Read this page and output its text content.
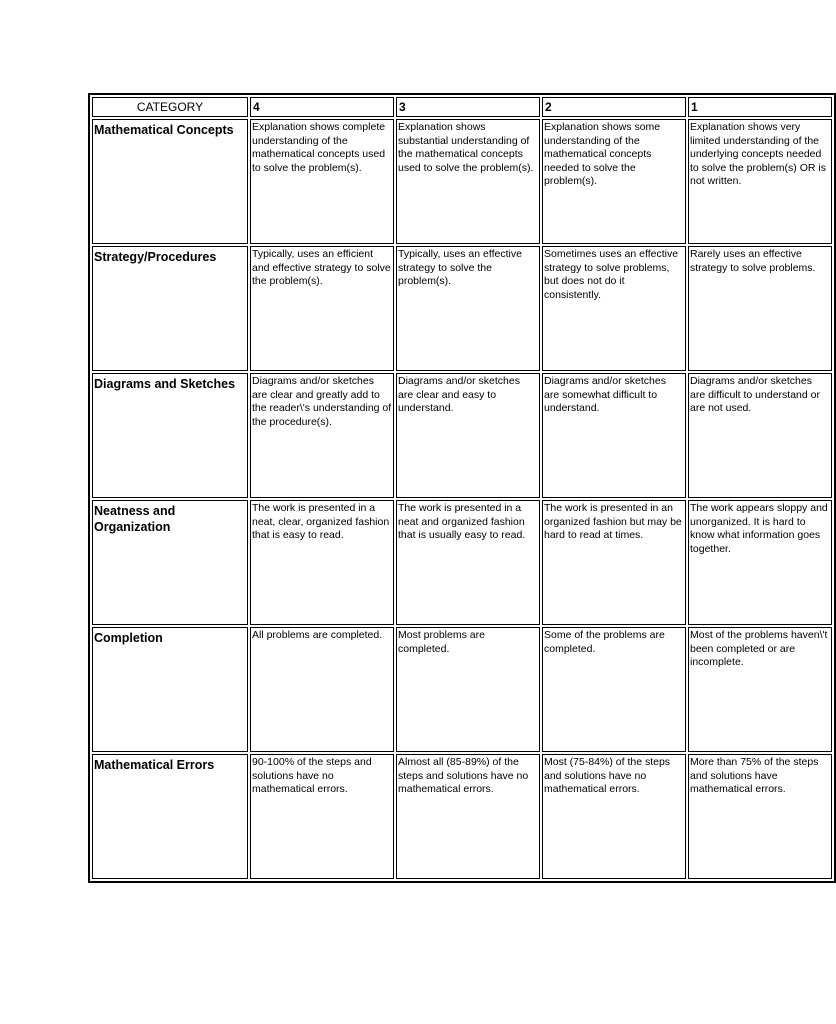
CATEGORY	4	3	2	1
Mathematical Concepts	Explanation shows complete understanding of the mathematical concepts used to solve the problem(s).	Explanation shows substantial understanding of the mathematical concepts used to solve the problem(s).	Explanation shows some understanding of the mathematical concepts needed to solve the problem(s).	Explanation shows very limited understanding of the underlying concepts needed to solve the problem(s) OR is not written.
Strategy/Procedures	Typically, uses an efficient and effective strategy to solve the problem(s).	Typically, uses an effective strategy to solve the problem(s).	Sometimes uses an effective strategy to solve problems, but does not do it consistently.	Rarely uses an effective strategy to solve problems.
Diagrams and Sketches	Diagrams and/or sketches are clear and greatly add to the reader\'s understanding of the procedure(s).	Diagrams and/or sketches are clear and easy to understand.	Diagrams and/or sketches are somewhat difficult to understand.	Diagrams and/or sketches are difficult to understand or are not used.
Neatness and Organization	The work is presented in a neat, clear, organized fashion that is easy to read.	The work is presented in a neat and organized fashion that is usually easy to read.	The work is presented in an organized fashion but may be hard to read at times.	The work appears sloppy and unorganized. It is hard to know what information goes together.
Completion	All problems are completed.	Most problems are completed.	Some of the problems are completed.	Most of the problems haven\'t been completed or are incomplete.
Mathematical Errors	90-100% of the steps and solutions have no mathematical errors.	Almost all (85-89%) of the steps and solutions have no mathematical errors.	Most (75-84%) of the steps and solutions have no mathematical errors.	More than 75% of the steps and solutions have mathematical errors.
